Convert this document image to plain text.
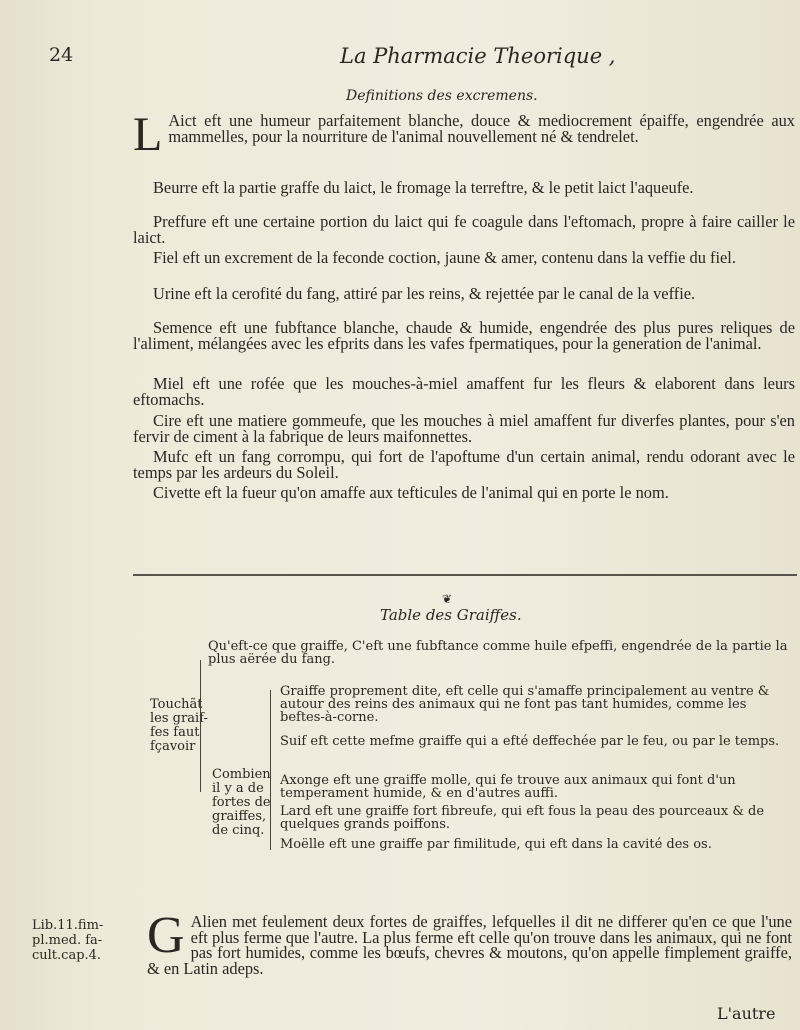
24	La Pharmacie Theorique ,
Definitions des excremens.
L Aict eft une humeur parfaitement blanche, douce & mediocrement épaiffe, engendrée aux mammelles, pour la nourriture de l'animal nouvellement né & tendrelet.
Beurre eft la partie graffe du laict, le fromage la terreftre, & le petit laict l'aqueufe.
Preffure eft une certaine portion du laict qui fe coagule dans l'eftomach, propre à faire cailler le laict.
Fiel eft un excrement de la feconde coction, jaune & amer, contenu dans la veffie du fiel.
Urine eft la cerofité du fang, attiré par les reins, & rejettée par le canal de la veffie.
Semence eft une fubftance blanche, chaude & humide, engendrée des plus pures reliques de l'aliment, mélangées avec les efprits dans les vafes fpermatiques, pour la generation de l'animal.
Miel eft une rofée que les mouches-à-miel amaffent fur les fleurs & elaborent dans leurs eftomachs.
Cire eft une matiere gommeufe, que les mouches à miel amaffent fur diverfes plantes, pour s'en fervir de ciment à la fabrique de leurs maifonnettes.
Mufc eft un fang corrompu, qui fort de l'apoftume d'un certain animal, rendu odorant avec le temps par les ardeurs du Soleil.
Civette eft la fueur qu'on amaffe aux tefticules de l'animal qui en porte le nom.
❦
Table des Graiffes.
Touchãt
les graif-
fes faut
fçavoir
Combien
il y a de
fortes de
graiffes,
de cinq.
Qu'eft-ce que graiffe, C'eft une fubftance comme huile efpeffi, engendrée de la partie la plus aërée du fang.
Graiffe proprement dite, eft celle qui s'amaffe principalement au ventre & autour des reins des animaux qui ne font pas tant humides, comme les beftes-à-corne.
Suif eft cette mefme graiffe qui a efté deffechée par le feu, ou par le temps.
Axonge eft une graiffe molle, qui fe trouve aux animaux qui font d'un temperament humide, & en d'autres auffi.
Lard eft une graiffe fort fibreufe, qui eft fous la peau des pourceaux & de quelques grands poiffons.
Moëlle eft une graiffe par fimilitude, qui eft dans la cavité des os.
Lib.11.fim-
pl.med. fa-
cult.cap.4. G Alien met feulement deux fortes de graiffes, lefquelles il dit ne differer qu'en ce que l'une eft plus ferme que l'autre. La plus ferme eft celle qu'on trouve dans les animaux, qui ne font pas fort humides, comme les bœufs, chevres & moutons, qu'on appelle fimplement graiffe, & en Latin adeps.
L'autre
